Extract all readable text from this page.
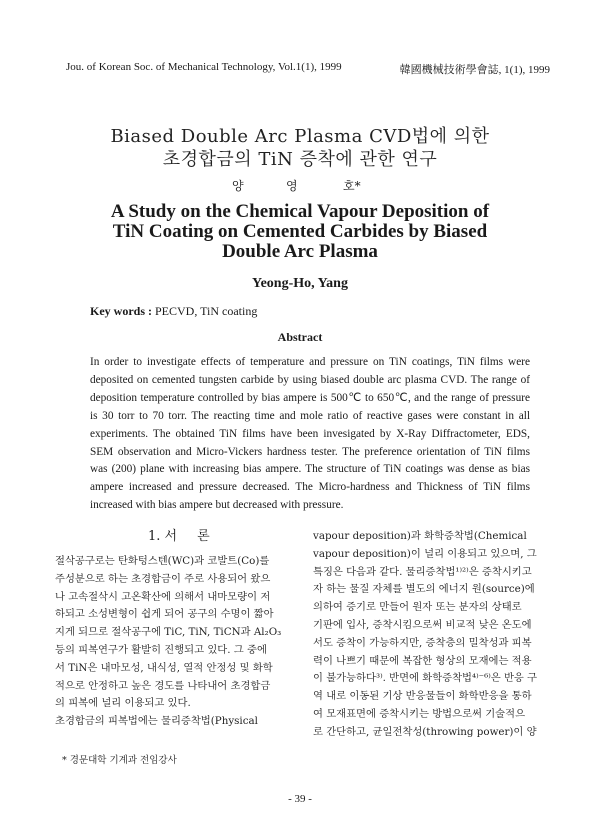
Jou. of Korean Soc. of Mechanical Technology, Vol.1(1), 1999	韓國機械技術學會誌, 1(1), 1999
Biased Double Arc Plasma CVD법에 의한
초경합금의 TiN 증착에 관한 연구
양	영	호*
A Study on the Chemical Vapour Deposition of
TiN Coating on Cemented Carbides by Biased
Double Arc Plasma
Yeong-Ho, Yang
Key words : PECVD, TiN coating
Abstract
In order to investigate effects of temperature and pressure on TiN coatings, TiN films were
deposited on cemented tungsten carbide by using biased double arc plasma CVD. The range of
deposition temperature controlled by bias ampere is 500℃ to 650℃, and the range of pressure
is 30 torr to 70 torr. The reacting time and mole ratio of reactive gases were constant in all
experiments. The obtained TiN films have been invesigated by X-Ray Diffractometer, EDS,
SEM observation and Micro-Vickers hardness tester. The preference orientation of TiN films
was (200) plane with increasing bias ampere. The structure of TiN coatings was dense as bias
ampere increased and pressure decreased. The Micro-hardness and Thickness of TiN films
increased with bias ampere but decreased with pressure.
1. 서 론
절삭공구로는 탄화텅스텐(WC)과 코발트(Co)를
주성분으로 하는 초경합금이 주로 사용되어 왔으
나 고속절삭시 고온확산에 의해서 내마모량이 저
하되고 소성변형이 쉽게 되어 공구의 수명이 짧아
지게 되므로 절삭공구에 TiC, TiN, TiCN과 Al₂O₃
등의 피복연구가 활발히 진행되고 있다. 그 중에
서 TiN은 내마모성, 내식성, 열적 안정성 및 화학
적으로 안정하고 높은 경도를 나타내어 초경합금
의 피복에 널리 이용되고 있다.
초경합금의 피복법에는 물리증착법(Physical
vapour deposition)과 화학증착법(Chemical
vapour deposition)이 널리 이용되고 있으며, 그
특징은 다음과 같다. 물리증착법¹⁾²⁾은 증착시키고
자 하는 물질 자체를 별도의 에너지 원(source)에
의하여 증기로 만들어 원자 또는 분자의 상태로
기판에 입사, 증착시킴으로써 비교적 낮은 온도에
서도 증착이 가능하지만, 증착층의 밀착성과 피복
력이 나쁘기 때문에 복잡한 형상의 모재에는 적용
이 불가능하다³⁾. 반면에 화학증착법⁴⁾⁻⁶⁾은 반응 구
역 내로 이동된 기상 반응물들이 화학반응을 통하
여 모재표면에 증착시키는 방법으로써 기술적으
로 간단하고, 균일전착성(throwing power)이 양
* 경문대학 기계과 전임강사
- 39 -
